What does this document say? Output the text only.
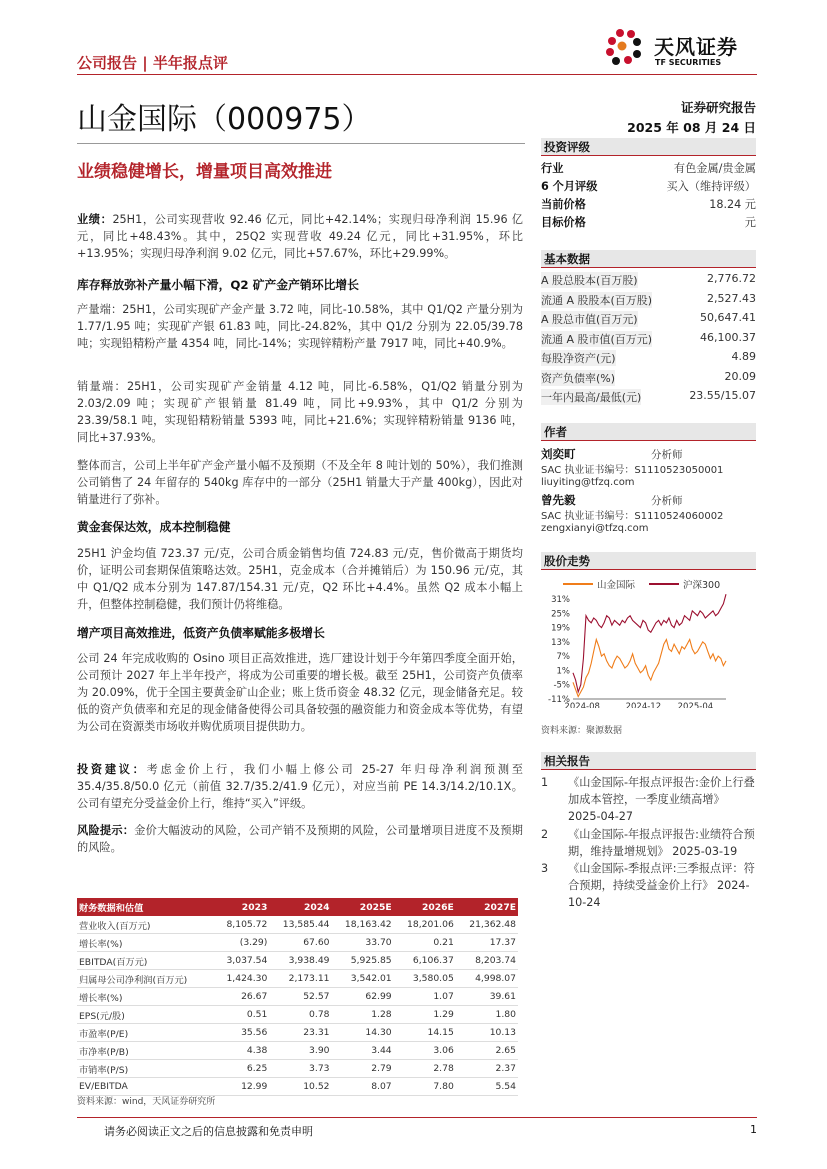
公司报告 | 半年报点评
天风证券
TF SECURITIES
山金国际（000975）	证券研究报告
2025 年 08 月 24 日
业绩稳健增长，增量项目高效推进

业绩：25H1，公司实现营收 92.46 亿元，同比+42.14%；实现归母净利润 15.96 亿元，同比+48.43%。其中，25Q2 实现营收 49.24 亿元，同比+31.95%，环比+13.95%；实现归母净利润 9.02 亿元，同比+57.67%，环比+29.99%。

库存释放弥补产量小幅下滑，Q2 矿产金产销环比增长

产量端：25H1，公司实现矿产金产量 3.72 吨，同比-10.58%，其中 Q1/Q2 产量分别为 1.77/1.95 吨；实现矿产银 61.83 吨，同比-24.82%，其中 Q1/2 分别为 22.05/39.78 吨；实现铅精粉产量 4354 吨，同比-14%；实现锌精粉产量 7917 吨，同比+40.9%。

销量端：25H1，公司实现矿产金销量 4.12 吨，同比-6.58%，Q1/Q2 销量分别为 2.03/2.09 吨；实现矿产银销量 81.49 吨，同比+9.93%，其中 Q1/2 分别为 23.39/58.1 吨，实现铅精粉销量 5393 吨，同比+21.6%；实现锌精粉销量 9136 吨，同比+37.93%。

整体而言，公司上半年矿产金产量小幅不及预期（不及全年 8 吨计划的 50%），我们推测公司销售了 24 年留存的 540kg 库存中的一部分（25H1 销量大于产量 400kg），因此对销量进行了弥补。

黄金套保达效，成本控制稳健

25H1 沪金均值 723.37 元/克，公司合质金销售均值 724.83 元/克，售价微高于期货均价，证明公司套期保值策略达效。25H1，克金成本（合并摊销后）为 150.96 元/克，其中 Q1/Q2 成本分别为 147.87/154.31 元/克，Q2 环比+4.4%。虽然 Q2 成本小幅上升，但整体控制稳健，我们预计仍将维稳。

增产项目高效推进，低资产负债率赋能多极增长

公司 24 年完成收购的 Osino 项目正高效推进，选厂建设计划于今年第四季度全面开始，公司预计 2027 年上半年投产，将成为公司重要的增长极。截至 25H1，公司资产负债率为 20.09%，优于全国主要黄金矿山企业；账上货币资金 48.32 亿元，现金储备充足。较低的资产负债率和充足的现金储备使得公司具备较强的融资能力和资金成本等优势，有望为公司在资源类市场收并购优质项目提供助力。

投资建议：考虑金价上行，我们小幅上修公司 25-27 年归母净利润预测至 35.4/35.8/50.0 亿元（前值 32.7/35.2/41.9 亿元），对应当前 PE 14.3/14.2/10.1X。公司有望充分受益金价上行，维持“买入”评级。

风险提示：金价大幅波动的风险，公司产销不及预期的风险，公司量增项目进度不及预期的风险。

财务数据和估值	2023	2024	2025E	2026E	2027E
营业收入(百万元)	8,105.72	13,585.44	18,163.42	18,201.06	21,362.48
增长率(%)	(3.29)	67.60	33.70	0.21	17.37
EBITDA(百万元)	3,037.54	3,938.49	5,925.85	6,106.37	8,203.74
归属母公司净利润(百万元)	1,424.30	2,173.11	3,542.01	3,580.05	4,998.07
增长率(%)	26.67	52.57	62.99	1.07	39.61
EPS(元/股)	0.51	0.78	1.28	1.29	1.80
市盈率(P/E)	35.56	23.31	14.30	14.15	10.13
市净率(P/B)	4.38	3.90	3.44	3.06	2.65
市销率(P/S)	6.25	3.73	2.79	2.78	2.37
EV/EBITDA	12.99	10.52	8.07	7.80	5.54
资料来源：wind，天风证券研究所
投资评级
行业	有色金属/贵金属
6 个月评级	买入（维持评级）
当前价格	18.24 元
目标价格	元
基本数据
A 股总股本(百万股)	2,776.72
流通 A 股股本(百万股)	2,527.43
A 股总市值(百万元)	50,647.41
流通 A 股市值(百万元)	46,100.37
每股净资产(元)	4.89
资产负债率(%)	20.09
一年内最高/最低(元)	23.55/15.07
作者
刘奕町	分析师
SAC 执业证书编号：S1110523050001
liuyiting@tfzq.com
曾先毅	分析师
SAC 执业证书编号：S1110524060002
zengxianyi@tfzq.com
股价走势
山金国际	沪深300
31%
25%
19%
13%
7%
1%
-5%
-11%
2024-08	2024-12 2025-04
资料来源：聚源数据
相关报告
1 《山金国际-年报点评报告:金价上行叠加成本管控，一季度业绩高增》 2025-04-27
2 《山金国际-年报点评报告:业绩符合预期，维持量增规划》 2025-03-19
3 《山金国际-季报点评:三季报点评：符合预期，持续受益金价上行》 2024-10-24
请务必阅读正文之后的信息披露和免责申明	1
